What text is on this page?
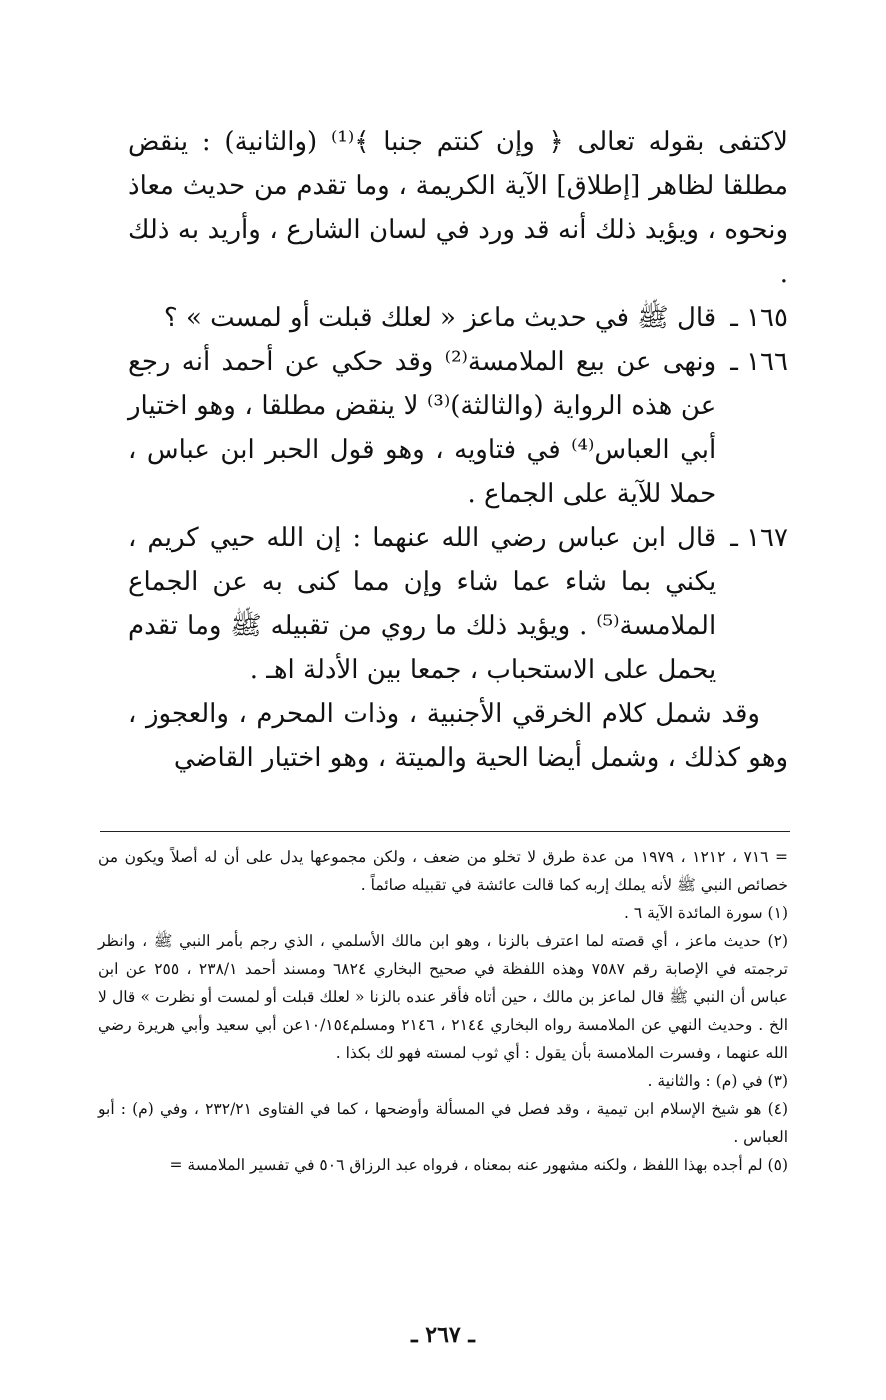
لاكتفى بقوله تعالى ﴿ وإن كنتم جنبا ﴾⁽¹⁾ (والثانية) : ينقض مطلقا لظاهر [إطلاق] الآية الكريمة ، وما تقدم من حديث معاذ ونحوه ، ويؤيد ذلك أنه قد ورد في لسان الشارع ، وأريد به ذلك .

١٦٥ ـ
قال ﷺ في حديث ماعز « لعلك قبلت أو لمست » ؟

١٦٦ ـ
ونهى عن بيع الملامسة⁽²⁾ وقد حكي عن أحمد أنه رجع عن هذه الرواية (والثالثة)⁽³⁾ لا ينقض مطلقا ، وهو اختيار أبي العباس⁽⁴⁾ في فتاويه ، وهو قول الحبر ابن عباس ، حملا للآية على الجماع .

١٦٧ ـ
قال ابن عباس رضي الله عنهما : إن الله حيي كريم ، يكني بما شاء عما شاء وإن مما كنى به عن الجماع الملامسة⁽⁵⁾ . ويؤيد ذلك ما روي من تقبيله ﷺ وما تقدم يحمل على الاستحباب ، جمعا بين الأدلة اهـ .

وقد شمل كلام الخرقي الأجنبية ، وذات المحرم ، والعجوز ، وهو كذلك ، وشمل أيضا الحية والميتة ، وهو اختيار القاضي

= ٧١٦ ، ١٢١٢ ، ١٩٧٩ من عدة طرق لا تخلو من ضعف ، ولكن مجموعها يدل على أن له أصلاً ويكون من خصائص النبي ﷺ لأنه يملك إربه كما قالت عائشة في تقبيله صائماً .

(١) سورة المائدة الآية ٦ .

(٢) حديث ماعز ، أي قصته لما اعترف بالزنا ، وهو ابن مالك الأسلمي ، الذي رجم بأمر النبي ﷺ ، وانظر ترجمته في الإصابة رقم ٧٥٨٧ وهذه اللفظة في صحيح البخاري ٦٨٢٤ ومسند أحمد ٢٣٨/١ ، ٢٥٥ عن ابن عباس أن النبي ﷺ قال لماعز بن مالك ، حين أتاه فأقر عنده بالزنا « لعلك قبلت أو لمست أو نظرت » قال لا الخ . وحديث النهي عن الملامسة رواه البخاري ٢١٤٤ ، ٢١٤٦ ومسلم١٠/١٥٤عن أبي سعيد وأبي هريرة رضي الله عنهما ، وفسرت الملامسة بأن يقول : أي ثوب لمسته فهو لك بكذا .

(٣) في (م) : والثانية .

(٤) هو شيخ الإسلام ابن تيمية ، وقد فصل في المسألة وأوضحها ، كما في الفتاوى ٢٣٢/٢١ ، وفي (م) : أبو العباس .

(٥) لم أجده بهذا اللفظ ، ولكنه مشهور عنه بمعناه ، فرواه عبد الرزاق ٥٠٦ في تفسير الملامسة =

ـ ٢٦٧ ـ
